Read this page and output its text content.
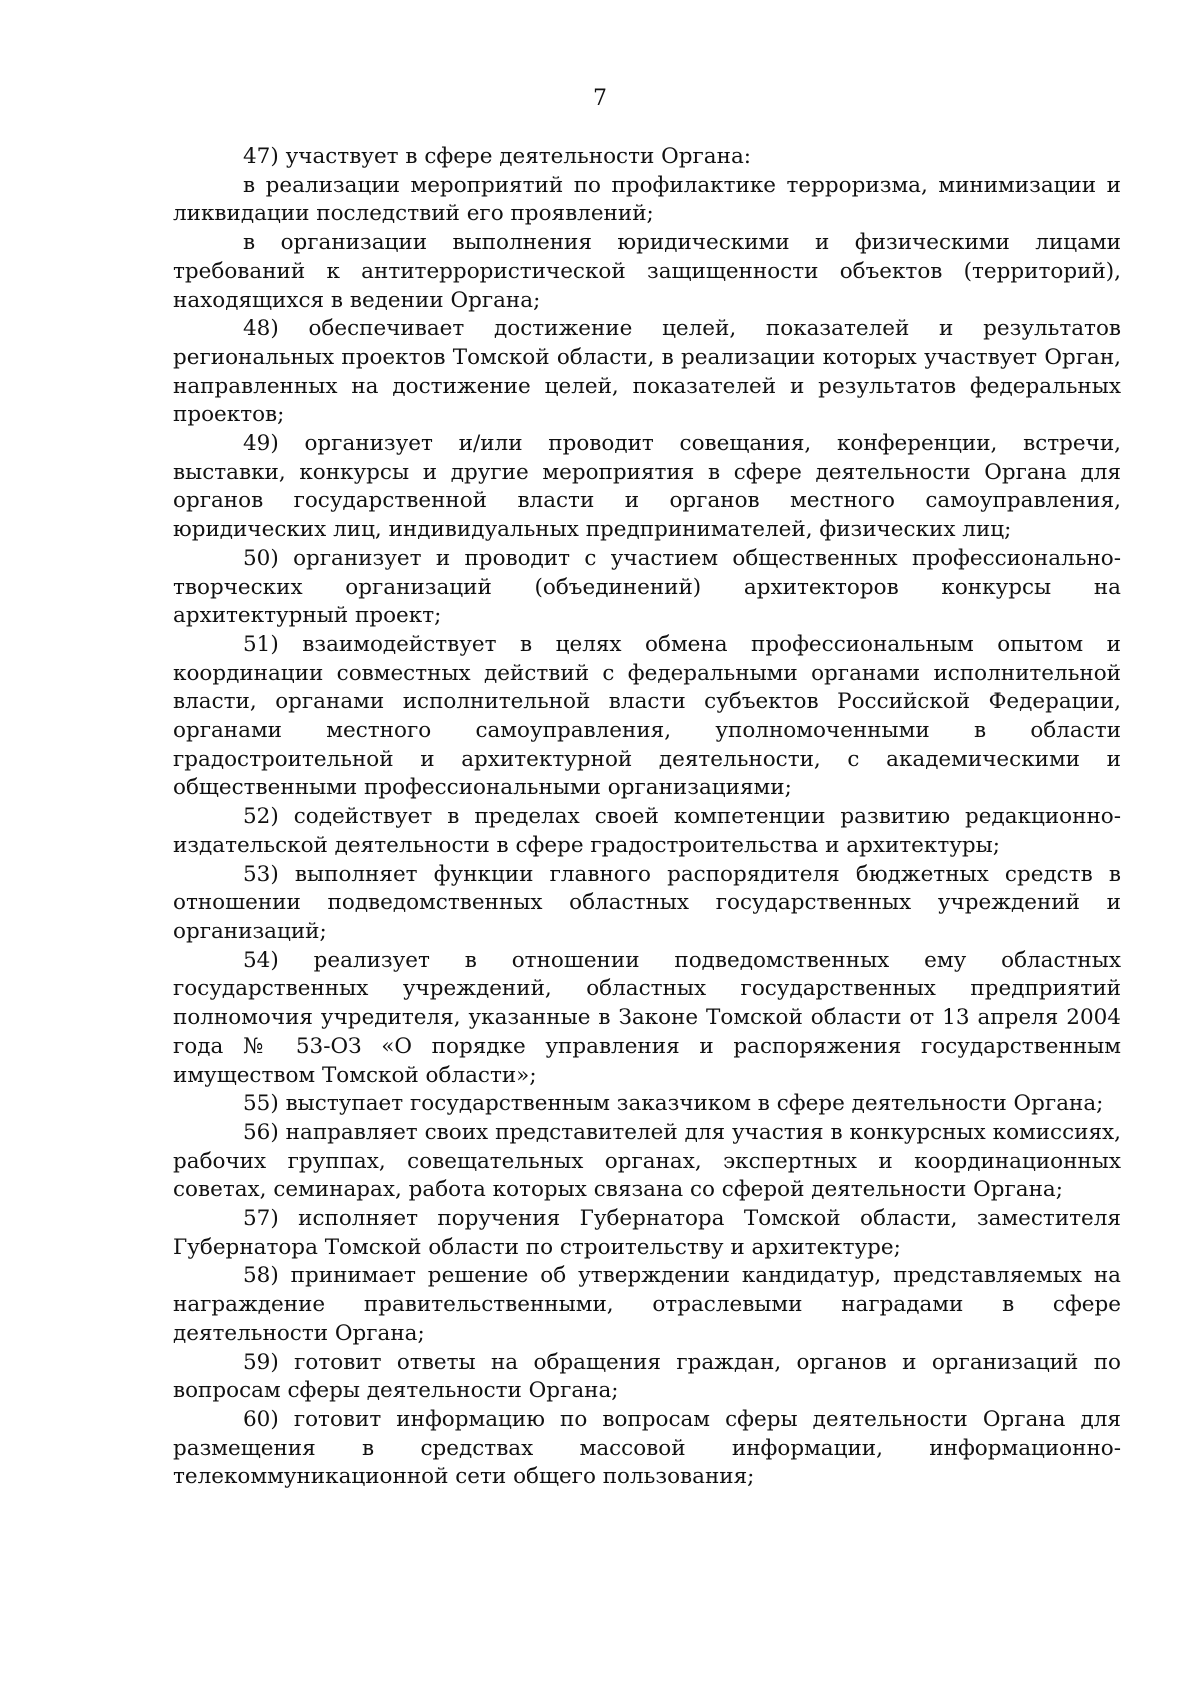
7

47) участвует в сфере деятельности Органа:

в реализации мероприятий по профилактике терроризма, минимизации и ликвидации последствий его проявлений;

в организации выполнения юридическими и физическими лицами требований к антитеррористической защищенности объектов (территорий), находящихся в ведении Органа;

48) обеспечивает достижение целей, показателей и результатов региональных проектов Томской области, в реализации которых участвует Орган, направленных на достижение целей, показателей и результатов федеральных проектов;

49) организует и/или проводит совещания, конференции, встречи, выставки, конкурсы и другие мероприятия в сфере деятельности Органа для органов государственной власти и органов местного самоуправления, юридических лиц, индивидуальных предпринимателей, физических лиц;

50) организует и проводит с участием общественных профессионально-творческих организаций (объединений) архитекторов конкурсы на архитектурный проект;

51) взаимодействует в целях обмена профессиональным опытом и координации совместных действий с федеральными органами исполнительной власти, органами исполнительной власти субъектов Российской Федерации, органами местного самоуправления, уполномоченными в области градостроительной и архитектурной деятельности, с академическими и общественными профессиональными организациями;

52) содействует в пределах своей компетенции развитию редакционно-издательской деятельности в сфере градостроительства и архитектуры;

53) выполняет функции главного распорядителя бюджетных средств в отношении подведомственных областных государственных учреждений и организаций;

54) реализует в отношении подведомственных ему областных государственных учреждений, областных государственных предприятий полномочия учредителя, указанные в Законе Томской области от 13 апреля 2004 года № 53-ОЗ «О порядке управления и распоряжения государственным имуществом Томской области»;

55) выступает государственным заказчиком в сфере деятельности Органа;

56) направляет своих представителей для участия в конкурсных комиссиях, рабочих группах, совещательных органах, экспертных и координационных советах, семинарах, работа которых связана со сферой деятельности Органа;

57) исполняет поручения Губернатора Томской области, заместителя Губернатора Томской области по строительству и архитектуре;

58) принимает решение об утверждении кандидатур, представляемых на награждение правительственными, отраслевыми наградами в сфере деятельности Органа;

59) готовит ответы на обращения граждан, органов и организаций по вопросам сферы деятельности Органа;

60) готовит информацию по вопросам сферы деятельности Органа для размещения в средствах массовой информации, информационно-телекоммуникационной сети общего пользования;
